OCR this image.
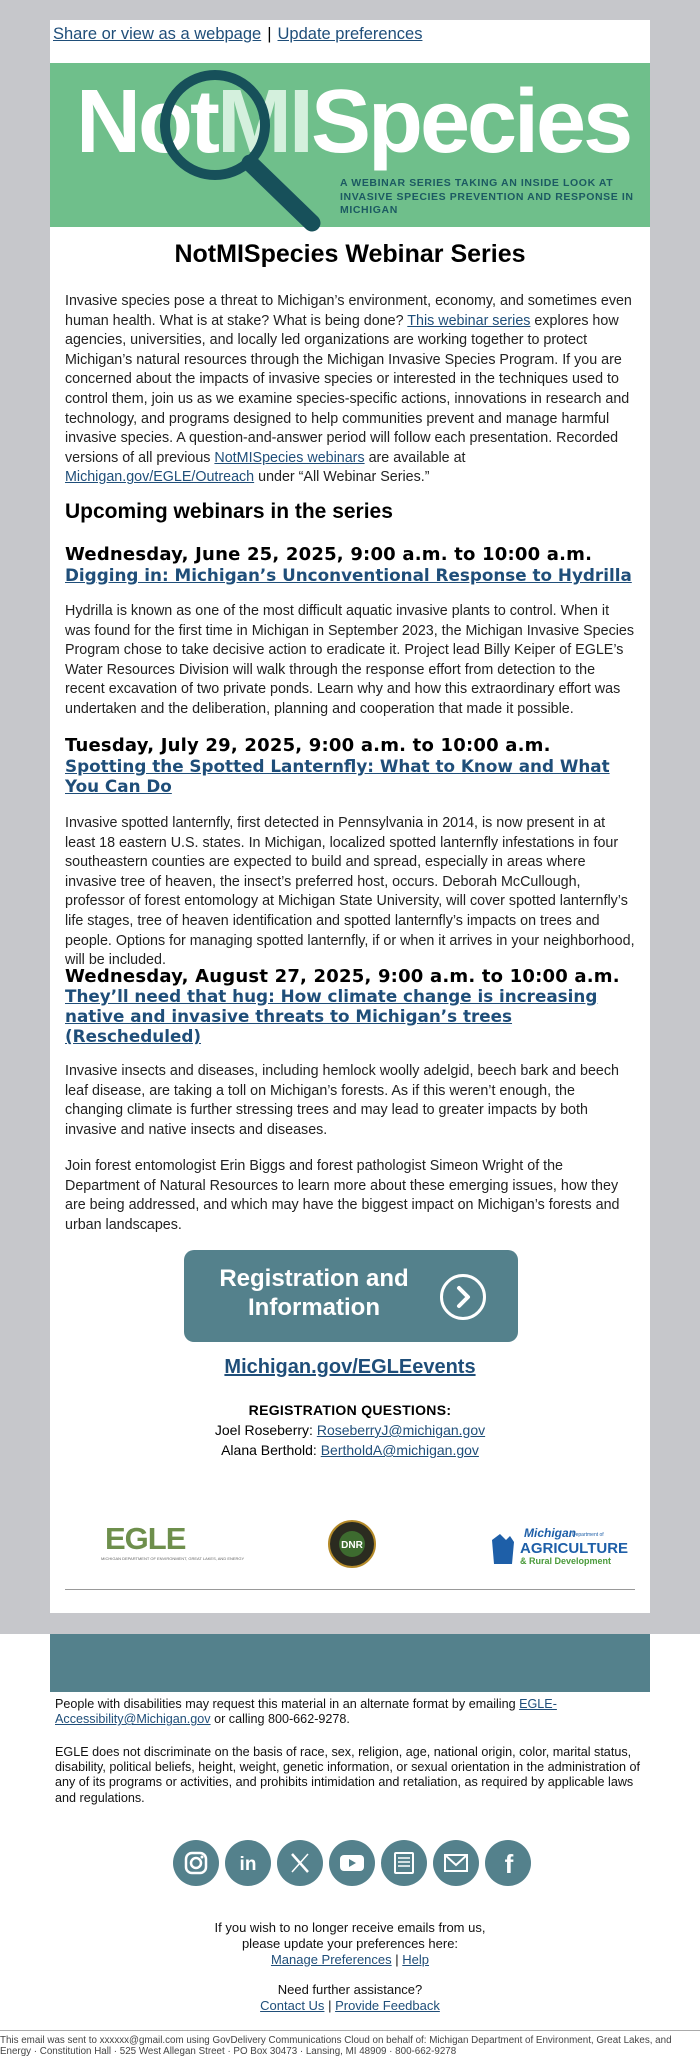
Share or view as a webpage | Update preferences
NotMISpecies
A WEBINAR SERIES TAKING AN INSIDE LOOK AT INVASIVE SPECIES PREVENTION AND RESPONSE IN MICHIGAN
NotMISpecies Webinar Series
Invasive species pose a threat to Michigan’s environment, economy, and sometimes even human health. What is at stake? What is being done? This webinar series explores how agencies, universities, and locally led organizations are working together to protect Michigan’s natural resources through the Michigan Invasive Species Program. If you are concerned about the impacts of invasive species or interested in the techniques used to control them, join us as we examine species-specific actions, innovations in research and technology, and programs designed to help communities prevent and manage harmful invasive species. A question-and-answer period will follow each presentation. Recorded versions of all previous NotMISpecies webinars are available at Michigan.gov/EGLE/Outreach under “All Webinar Series.”
Upcoming webinars in the series
Wednesday, June 25, 2025, 9:00 a.m. to 10:00 a.m.
Digging in: Michigan’s Unconventional Response to Hydrilla
Hydrilla is known as one of the most difficult aquatic invasive plants to control. When it was found for the first time in Michigan in September 2023, the Michigan Invasive Species Program chose to take decisive action to eradicate it. Project lead Billy Keiper of EGLE’s Water Resources Division will walk through the response effort from detection to the recent excavation of two private ponds. Learn why and how this extraordinary effort was undertaken and the deliberation, planning and cooperation that made it possible.
Tuesday, July 29, 2025, 9:00 a.m. to 10:00 a.m.
Spotting the Spotted Lanternfly: What to Know and What You Can Do
Invasive spotted lanternfly, first detected in Pennsylvania in 2014, is now present in at least 18 eastern U.S. states. In Michigan, localized spotted lanternfly infestations in four southeastern counties are expected to build and spread, especially in areas where invasive tree of heaven, the insect’s preferred host, occurs. Deborah McCullough, professor of forest entomology at Michigan State University, will cover spotted lanternfly’s life stages, tree of heaven identification and spotted lanternfly’s impacts on trees and people. Options for managing spotted lanternfly, if or when it arrives in your neighborhood, will be included.
Wednesday, August 27, 2025, 9:00 a.m. to 10:00 a.m.
They’ll need that hug: How climate change is increasing native and invasive threats to Michigan’s trees (Rescheduled)
Invasive insects and diseases, including hemlock woolly adelgid, beech bark and beech leaf disease, are taking a toll on Michigan’s forests. As if this weren’t enough, the changing climate is further stressing trees and may lead to greater impacts by both invasive and native insects and diseases.
Join forest entomologist Erin Biggs and forest pathologist Simeon Wright of the Department of Natural Resources to learn more about these emerging issues, how they are being addressed, and which may have the biggest impact on Michigan’s forests and urban landscapes.
Registration and Information
Michigan.gov/EGLEevents
REGISTRATION QUESTIONS:
Joel Roseberry: RoseberryJ@michigan.gov
Alana Berthold: BertholdA@michigan.gov
EGLE
MICHIGAN DEPARTMENT OF ENVIRONMENT, GREAT LAKES, AND ENERGY
DNR
Michigan
Department of
AGRICULTURE
& Rural Development
People with disabilities may request this material in an alternate format by emailing EGLE-Accessibility@Michigan.gov or calling 800-662-9278.
EGLE does not discriminate on the basis of race, sex, religion, age, national origin, color, marital status, disability, political beliefs, height, weight, genetic information, or sexual orientation in the administration of any of its programs or activities, and prohibits intimidation and retaliation, as required by applicable laws and regulations.
in	f
If you wish to no longer receive emails from us,
please update your preferences here:
Manage Preferences | Help
Need further assistance?
Contact Us | Provide Feedback
This email was sent to xxxxxx@gmail.com using GovDelivery Communications Cloud on behalf of: Michigan Department of Environment, Great Lakes, and Energy · Constitution Hall · 525 West Allegan Street · PO Box 30473 · Lansing, MI 48909 · 800-662-9278
